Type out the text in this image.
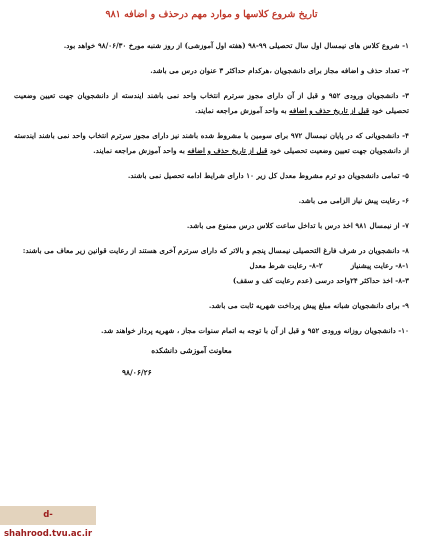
تاریخ شروع کلاسها و موارد مهم درحذف و اضافه ۹۸۱
۱- شروع کلاس های نیمسال اول سال تحصیلی ۹۹-۹۸ (هفته اول آموزشی) از روز شنبه مورخ ۹۸/۰۶/۳۰ خواهد بود.
۲- تعداد حذف و اضافه مجاز برای دانشجویان ،هرکدام حداکثر ۳ عنوان درس می باشد.
۳- دانشجویان ورودی ۹۵۲ و قبل از آن دارای مجوز سرترم انتخاب واحد نمی باشند ایندسته از دانشجویان جهت تعیین وضعیت تحصیلی خود قبل از تاریخ حذف و اضافه به واحد آموزش مراجعه نمایند.
۴- دانشجویانی که در پایان نیمسال ۹۷۲ برای سومین با مشروط شده باشند نیز دارای مجوز سرترم انتخاب واحد نمی باشند ایندسته از دانشجویان جهت تعیین وضعیت تحصیلی خود قبل از تاریخ حذف و اضافه به واحد آموزش مراجعه نمایند.
۵- تمامی دانشجویان دو ترم مشروط معدل کل زیر ۱۰ دارای شرایط ادامه تحصیل نمی باشند.
۶- رعایت پیش نیاز الزامی می باشد.
۷- از نیمسال ۹۸۱ اخذ درس با تداخل ساعت کلاس درس ممنوع می باشد.
۸- دانشجویان در شرف فارغ التحصیلی نیمسال پنجم و بالاتر که دارای سرترم آخری هستند از رعایت قوانین زیر معاف می باشند:
۸-۱- رعایت پیشنیاز
۸-۲- رعایت شرط معدل
۸-۳- اخذ حداکثر ۲۴واحد درسی (عدم رعایت کف و سقف)
۹- برای دانشجویان شبانه مبلغ پیش پرداخت شهریه ثابت می باشد.
۱۰- دانشجویان روزانه ورودی ۹۵۲ و قبل از آن با توجه به اتمام سنوات مجاز ، شهریه پرداز خواهند شد.
معاونت آموزشی دانشکده
۹۸/۰۶/۲۶
d-shahrood.tvu.ac.ir
